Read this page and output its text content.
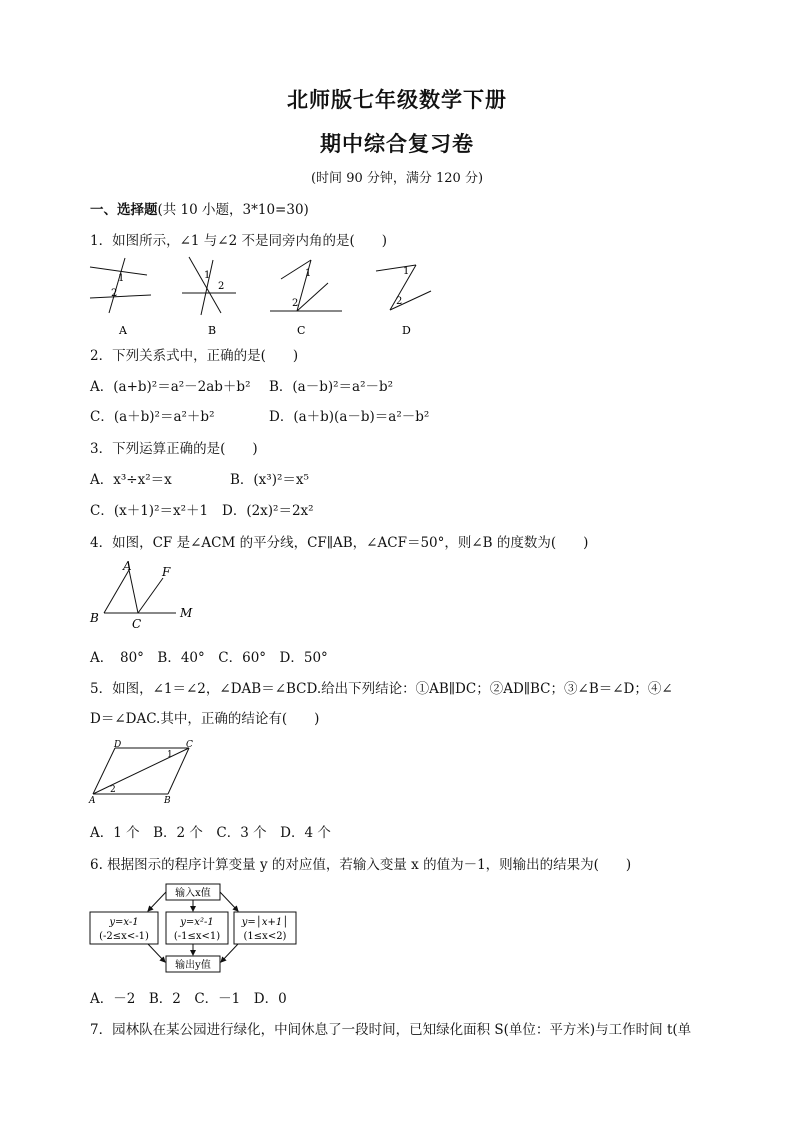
北师版七年级数学下册
期中综合复习卷
(时间 90 分钟，满分 120 分)
一、选择题(共 10 小题，3*10=30)
1．如图所示，∠1 与∠2 不是同旁内角的是(　　)
1
2
A
1
2
B
1
2
C
1
2
D
2．下列关系式中，正确的是(　　)
A．(a+b)²＝a²－2ab＋b² B．(a－b)²＝a²－b²
C．(a＋b)²＝a²＋b²	D．(a＋b)(a－b)＝a²－b²
3．下列运算正确的是(　　)
A．x³÷x²＝x	B．(x³)²＝x⁵
C．(x＋1)²＝x²＋1 D．(2x)²＝2x²
4．如图，CF 是∠ACM 的平分线，CF∥AB，∠ACF＝50°，则∠B 的度数为(　　)
A	F
B	C
M
A．　80°　B．40°　C．60°　D．50°
5．如图，∠1＝∠2，∠DAB＝∠BCD.给出下列结论：①AB∥DC；②AD∥BC；③∠B＝∠D；④∠
D＝∠DAC.其中，正确的结论有(　　)
D	C
A	B
1
2
A．1 个　B．2 个　C．3 个　D．4 个
6. 根据图示的程序计算变量 y 的对应值，若输入变量 x 的值为－1，则输出的结果为(　　)
输入x值
y=x-1
(-2≤x<-1)
y=x²-1
(-1≤x<1)
y=│x+1│
(1≤x<2)
输出y值
A．－2　B．2　C．－1　D．0
7．园林队在某公园进行绿化，中间休息了一段时间，已知绿化面积 S(单位：平方米)与工作时间 t(单
